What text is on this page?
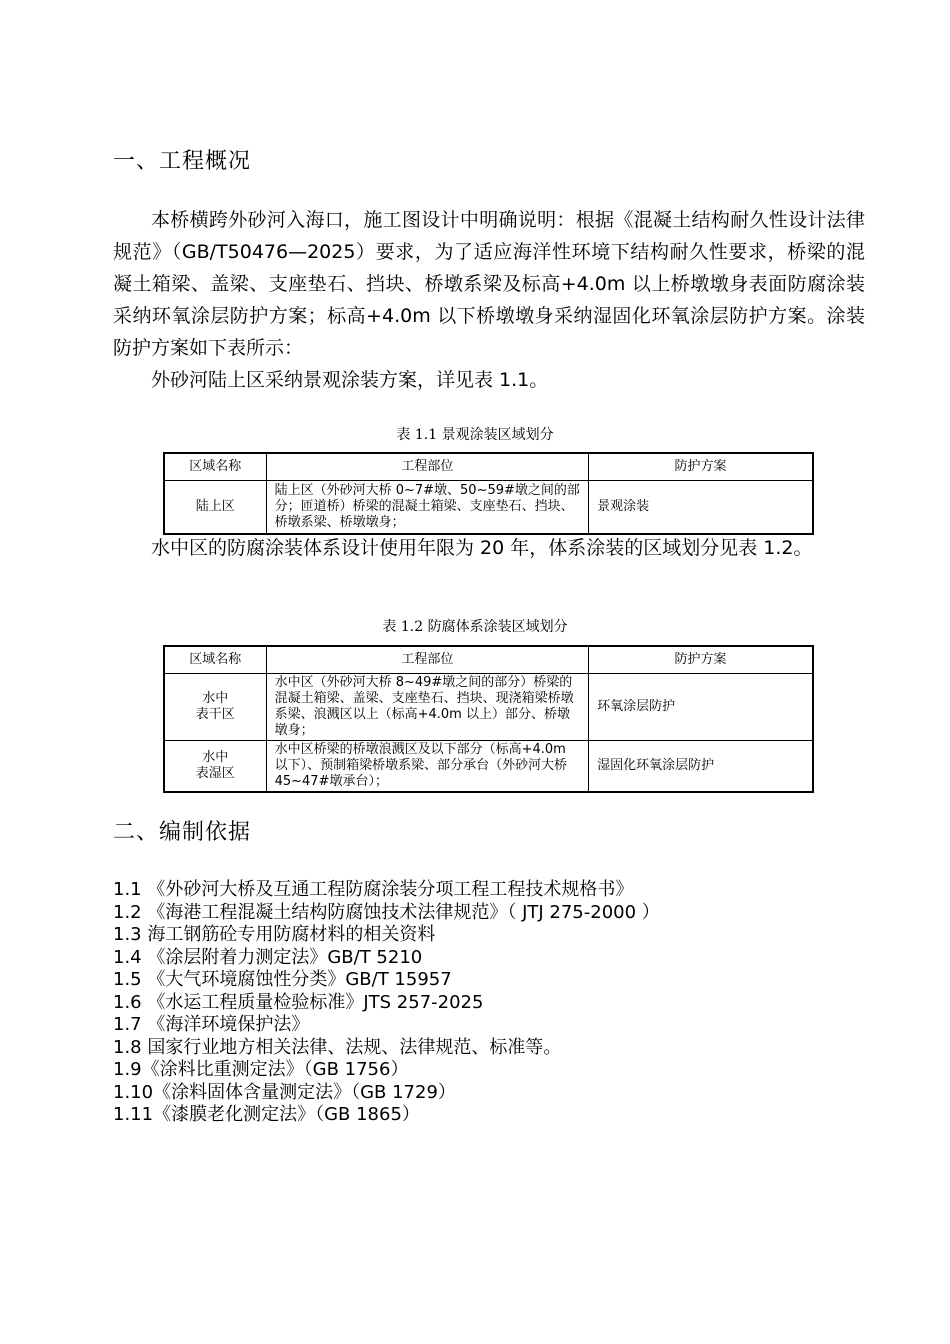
一、工程概况

本桥横跨外砂河入海口，施工图设计中明确说明：根据《混凝土结构耐久性设计法律规范》（GB/T50476—2025）要求，为了适应海洋性环境下结构耐久性要求，桥梁的混凝土箱梁、盖梁、支座垫石、挡块、桥墩系梁及标高+4.0m 以上桥墩墩身表面防腐涂装采纳环氧涂层防护方案；标高+4.0m 以下桥墩墩身采纳湿固化环氧涂层防护方案。涂装防护方案如下表所示：

外砂河陆上区采纳景观涂装方案，详见表 1.1。

表 1.1 景观涂装区域划分
区域名称	工程部位	防护方案
陆上区	陆上区（外砂河大桥 0~7#墩、50~59#墩之间的部分；匝道桥）桥梁的混凝土箱梁、支座垫石、挡块、桥墩系梁、桥墩墩身；	景观涂装

水中区的防腐涂装体系设计使用年限为 20 年，体系涂装的区域划分见表 1.2。

表 1.2 防腐体系涂装区域划分
区域名称	工程部位	防护方案

水中
表干区	水中区（外砂河大桥 8~49#墩之间的部分）桥梁的混凝土箱梁、盖梁、支座垫石、挡块、现浇箱梁桥墩系梁、浪溅区以上（标高+4.0m 以上）部分、桥墩墩身；	环氧涂层防护

水中
表湿区	水中区桥梁的桥墩浪溅区及以下部分（标高+4.0m 以下）、预制箱梁桥墩系梁、部分承台（外砂河大桥 45~47#墩承台）；	湿固化环氧涂层防护
二、编制依据
1.1 《外砂河大桥及互通工程防腐涂装分项工程工程技术规格书》
1.2 《海港工程混凝土结构防腐蚀技术法律规范》（ JTJ 275-2000 ）
1.3 海工钢筋砼专用防腐材料的相关资料
1.4 《涂层附着力测定法》GB/T 5210
1.5 《大气环境腐蚀性分类》GB/T 15957
1.6 《水运工程质量检验标准》JTS 257-2025
1.7 《海洋环境保护法》
1.8 国家行业地方相关法律、法规、法律规范、标准等。
1.9《涂料比重测定法》（GB 1756）
1.10《涂料固体含量测定法》（GB 1729）
1.11《漆膜老化测定法》（GB 1865）
